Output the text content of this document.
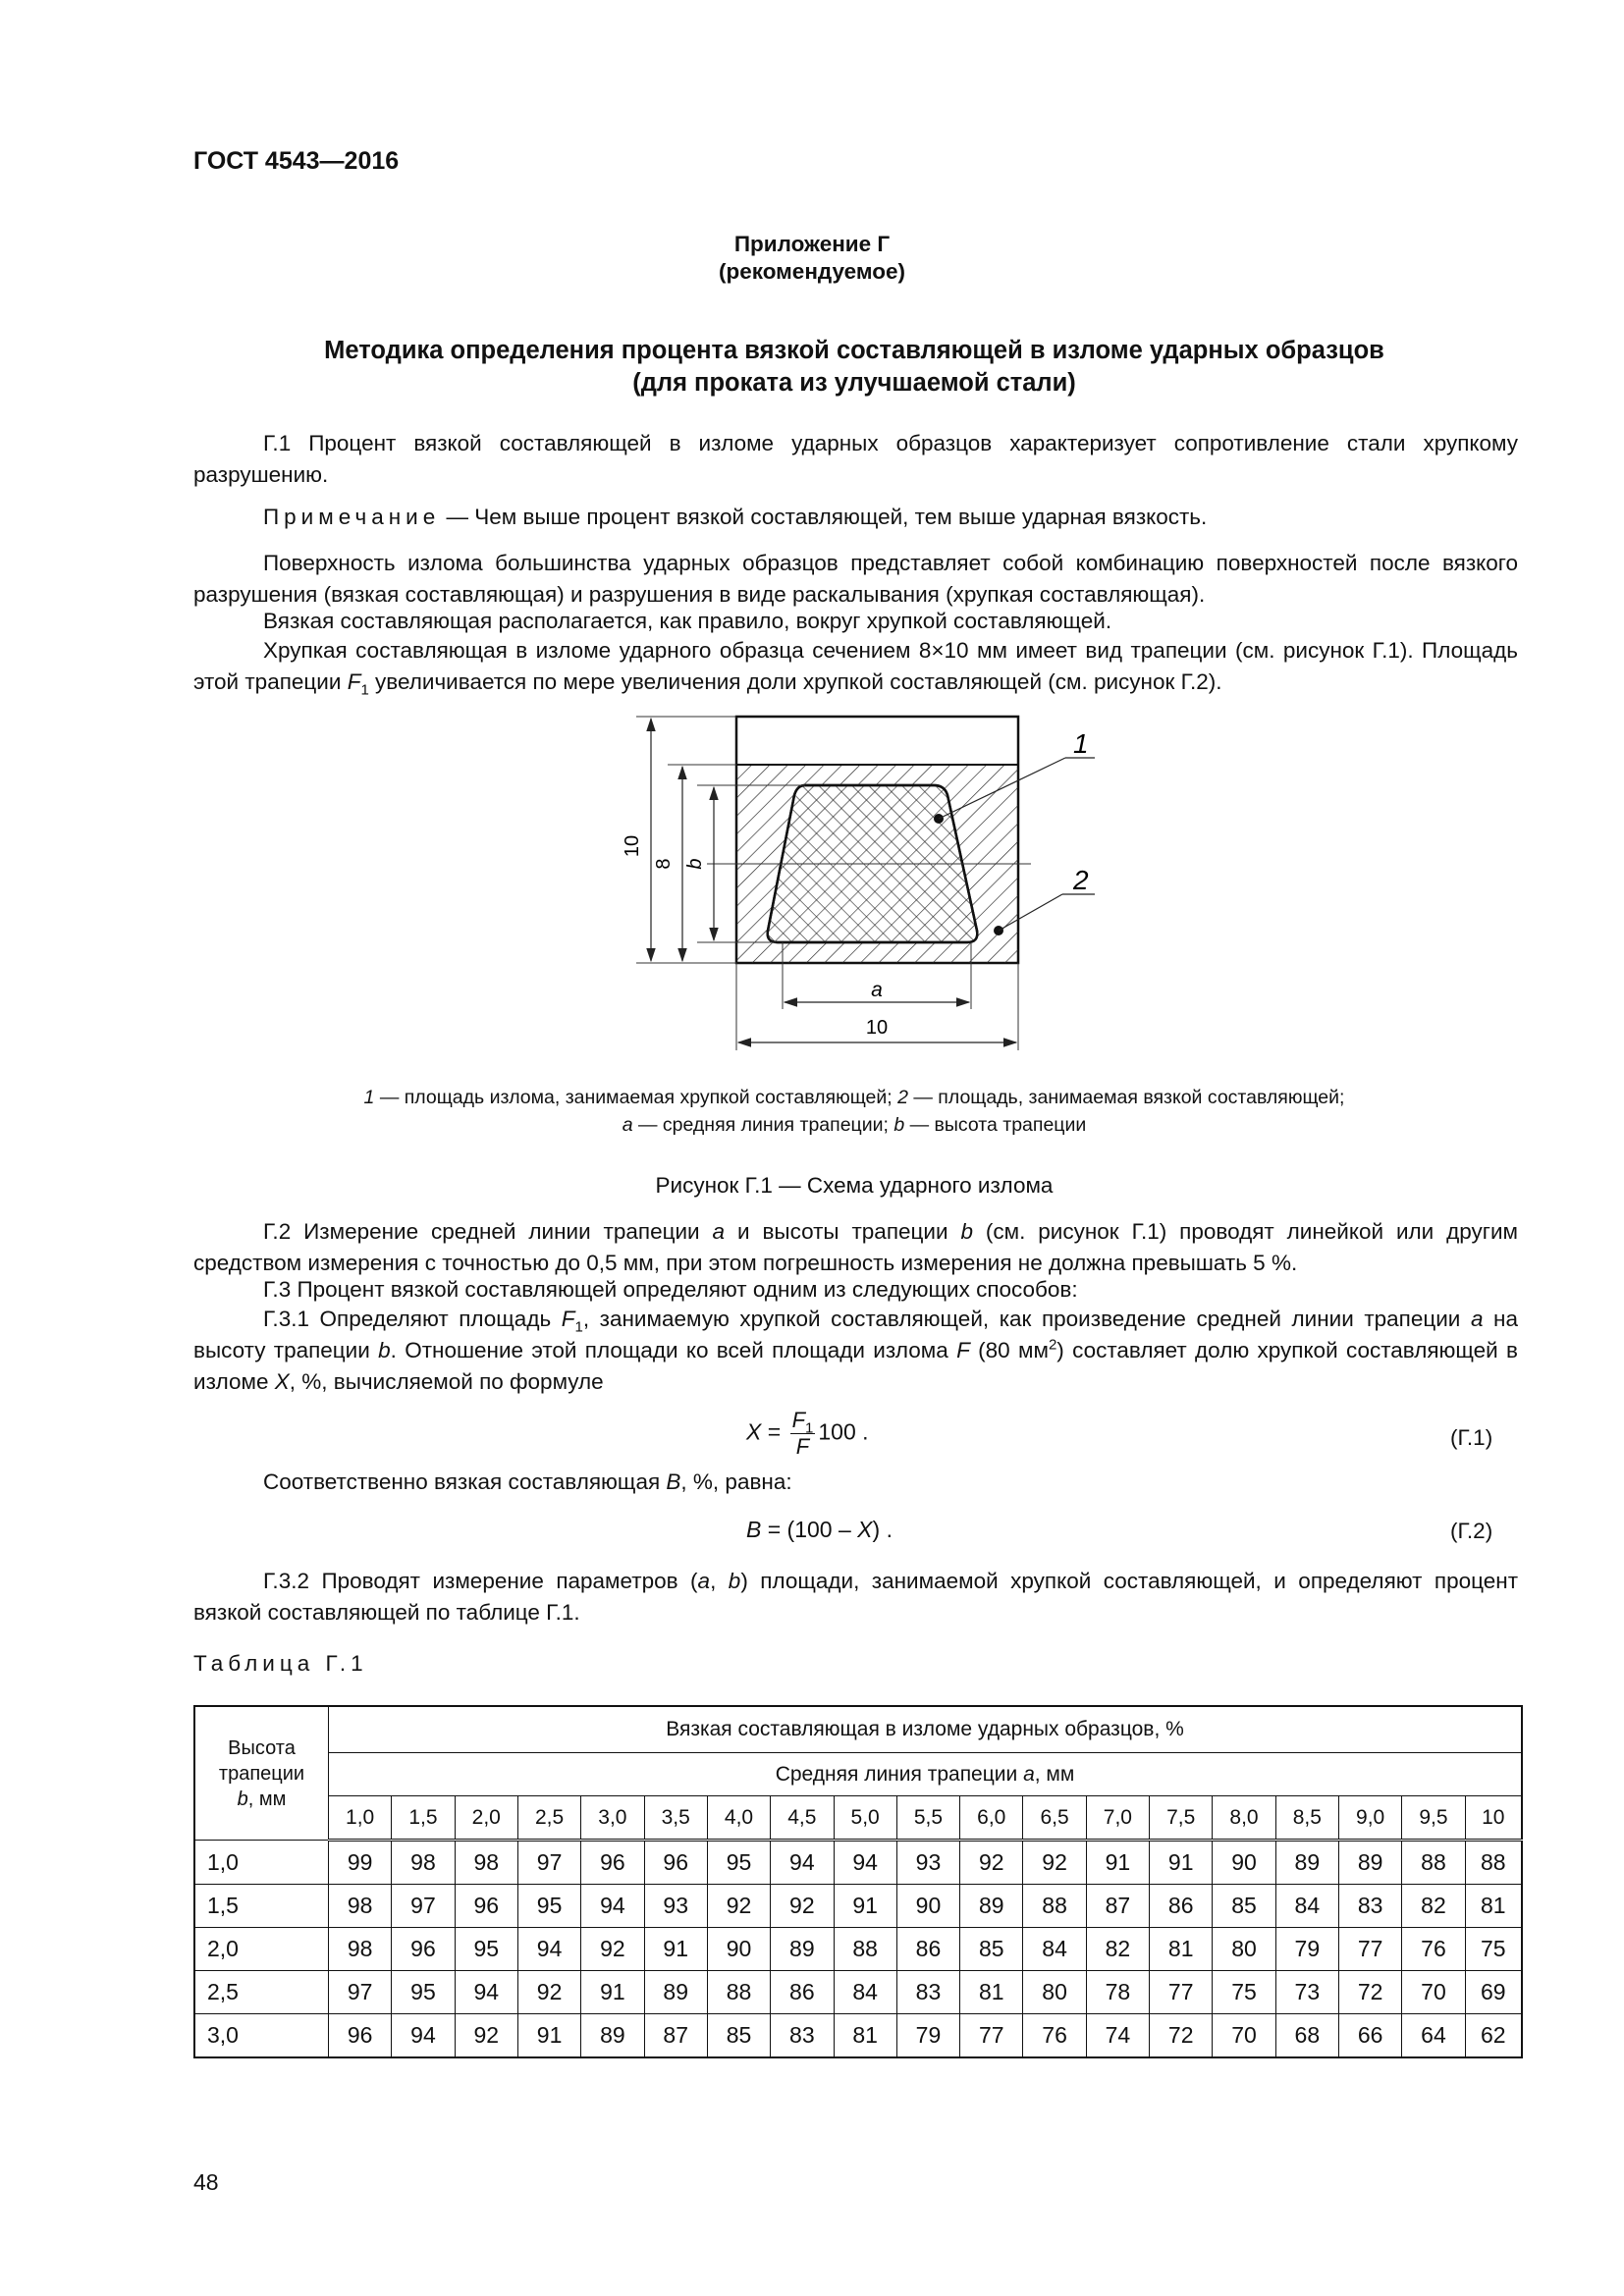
ГОСТ 4543—2016
Приложение Г
(рекомендуемое)
Методика определения процента вязкой составляющей в изломе ударных образцов
(для проката из улучшаемой стали)
Г.1 Процент вязкой составляющей в изломе ударных образцов характеризует сопротивление стали хрупкому разрушению.
Примечание — Чем выше процент вязкой составляющей, тем выше ударная вязкость.
Поверхность излома большинства ударных образцов представляет собой комбинацию поверхностей после вязкого разрушения (вязкая составляющая) и разрушения в виде раскалывания (хрупкая составляющая).
Вязкая составляющая располагается, как правило, вокруг хрупкой составляющей.
Хрупкая составляющая в изломе ударного образца сечением 8×10 мм имеет вид трапеции (см. рисунок Г.1). Площадь этой трапеции $F_1$ увеличивается по мере увеличения доли хрупкой составляющей (см. рисунок Г.2).
10
8 b
a
10
1
2
1 — площадь излома, занимаемая хрупкой составляющей; 2 — площадь, занимаемая вязкой составляющей;
a — средняя линия трапеции; b — высота трапеции
Рисунок Г.1 — Схема ударного излома
Г.2 Измерение средней линии трапеции a и высоты трапеции b (см. рисунок Г.1) проводят линейкой или другим средством измерения с точностью до 0,5 мм, при этом погрешность измерения не должна превышать 5 %.
Г.3 Процент вязкой составляющей определяют одним из следующих способов:
Г.3.1 Определяют площадь $F_1$, занимаемую хрупкой составляющей, как произведение средней линии трапеции a на высоту трапеции b. Отношение этой площади ко всей площади излома F (80 $мм^2$) составляет долю хрупкой составляющей в изломе X, %, вычисляемой по формуле
$X = \frac{F_1}{F} 100$ .	(Г.1)
Соответственно вязкая составляющая B, %, равна:
B = (100 – X) .	(Г.2)
Г.3.2 Проводят измерение параметров (a, b) площади, занимаемой хрупкой составляющей, и определяют процент вязкой составляющей по таблице Г.1.
Таблица Г.1
Высота
трапеции
b, мм	Вязкая составляющая в изломе ударных образцов, %																		
	Средняя линия трапеции a, мм																		
	1,0	1,5	2,0	2,5	3,0	3,5	4,0	4,5	5,0	5,5	6,0	6,5	7,0	7,5	8,0	8,5	9,0	9,5	10
1,0	99	98	98	97	96	96	95	94	94	93	92	92	91	91	90	89	89	88	88
1,5	98	97	96	95	94	93	92	92	91	90	89	88	87	86	85	84	83	82	81
2,0	98	96	95	94	92	91	90	89	88	86	85	84	82	81	80	79	77	76	75
2,5	97	95	94	92	91	89	88	86	84	83	81	80	78	77	75	73	72	70	69
3,0	96	94	92	91	89	87	85	83	81	79	77	76	74	72	70	68	66	64	62
48
